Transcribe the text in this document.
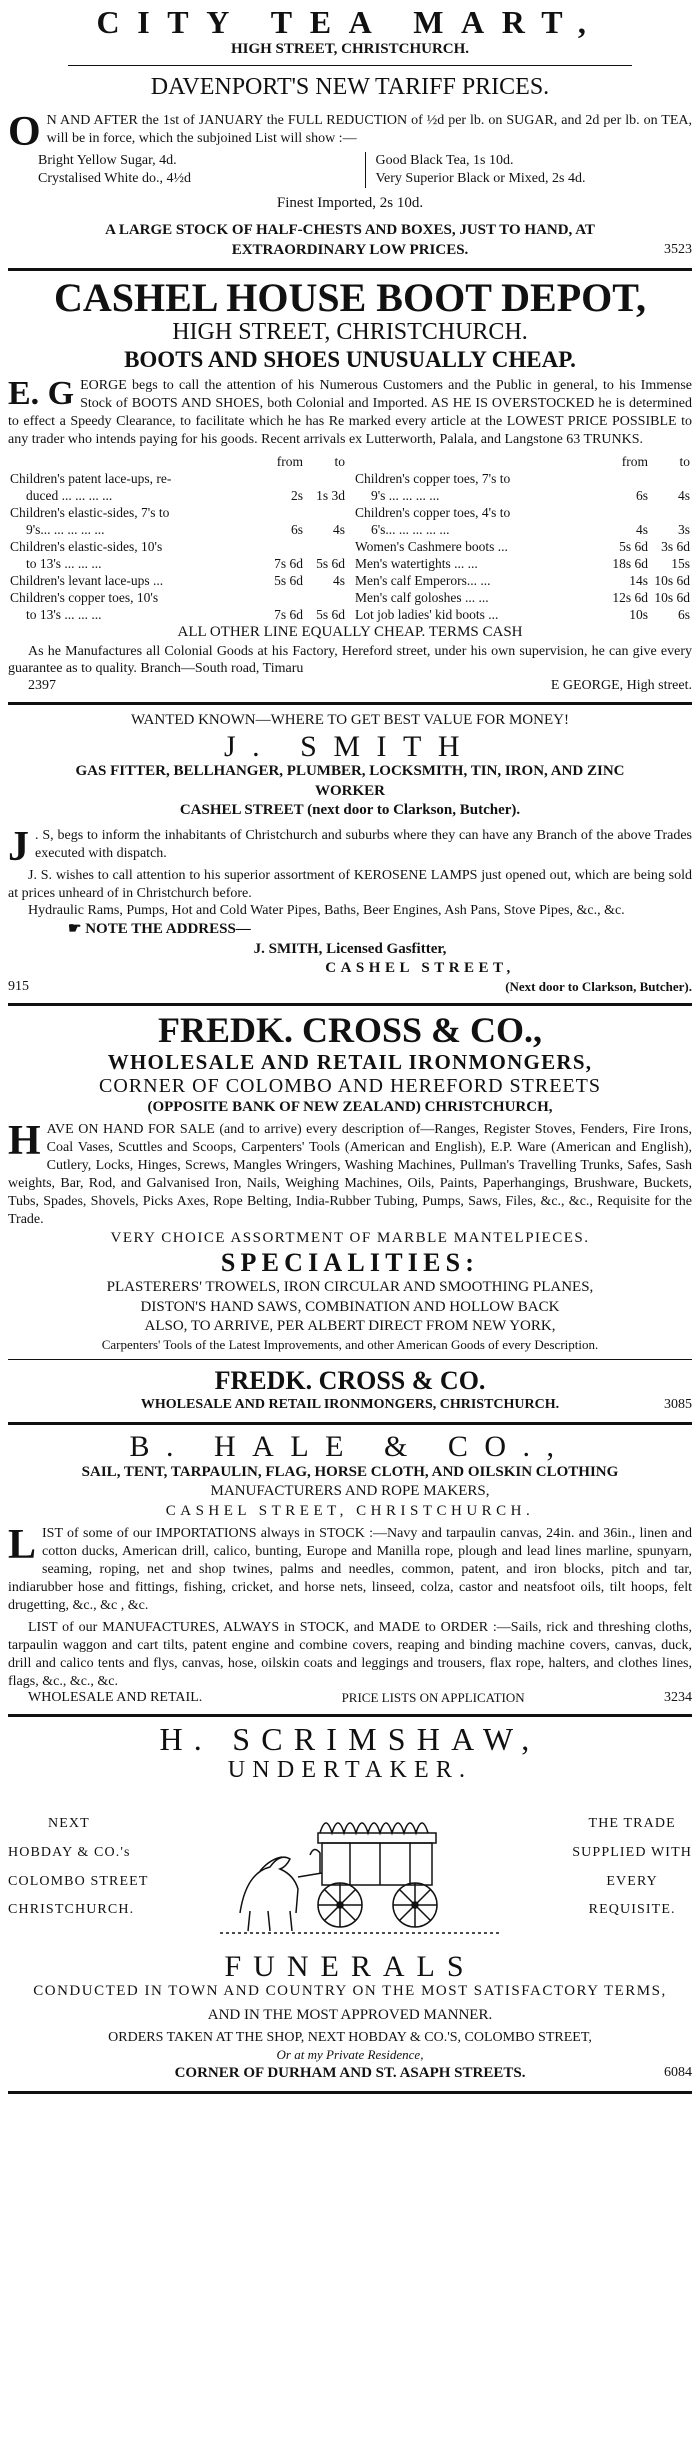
CITY TEA MART,
HIGH STREET, CHRISTCHURCH.
DAVENPORT'S NEW TARIFF PRICES.
O N AND AFTER the 1st of JANUARY the FULL REDUCTION of ½d per lb. on SUGAR, and 2d per lb. on TEA, will be in force, which the subjoined List will show :—
Bright Yellow Sugar, 4d.
Crystalised White do., 4½d
Good Black Tea, 1s 10d.
Very Superior Black or Mixed, 2s 4d.
Finest Imported, 2s 10d.
A LARGE STOCK OF HALF-CHESTS AND BOXES, JUST TO HAND, AT
EXTRAORDINARY LOW PRICES.	3523
CASHEL HOUSE BOOT DEPOT,
HIGH STREET, CHRISTCHURCH.
BOOTS AND SHOES UNUSUALLY CHEAP.
E. G EORGE begs to call the attention of his Numerous Customers and the Public in general, to his Immense Stock of BOOTS AND SHOES, both Colonial and Imported. AS HE IS OVERSTOCKED he is determined to effect a Speedy Clearance, to facilitate which he has Re marked every article at the LOWEST PRICE POSSIBLE to any trader who intends paying for his goods. Recent arrivals ex Lutterworth, Palala, and Langstone 63 TRUNKS.
	from	to
Children's patent lace-ups, re-		
duced ... ... ... ...	2s	1s 3d
Children's elastic-sides, 7's to		
9's... ... ... ... ...	6s	4s
Children's elastic-sides, 10's		
to 13's ... ... ...	7s 6d	5s 6d
Children's levant lace-ups ...	5s 6d	4s
Children's copper toes, 10's		
to 13's ... ... ...	7s 6d	5s 6d
	from	to
Children's copper toes, 7's to		
9's ... ... ... ...	6s	4s
Children's copper toes, 4's to		
6's... ... ... ... ...	4s	3s
Women's Cashmere boots ...	5s 6d	3s 6d
Men's watertights ... ...	18s 6d	15s
Men's calf Emperors... ...	14s	10s 6d
Men's calf goloshes ... ...	12s 6d	10s 6d
Lot job ladies' kid boots ...	10s	6s
ALL OTHER LINE EQUALLY CHEAP. TERMS CASH
As he Manufactures all Colonial Goods at his Factory, Hereford street, under his own supervision, he can give every guarantee as to quality. Branch—South road, Timaru
2397	E GEORGE, High street.
WANTED KNOWN—WHERE TO GET BEST VALUE FOR MONEY!
J. SMITH
GAS FITTER, BELLHANGER, PLUMBER, LOCKSMITH, TIN, IRON, AND ZINC WORKER
CASHEL STREET (next door to Clarkson, Butcher).
J . S, begs to inform the inhabitants of Christchurch and suburbs where they can have any Branch of the above Trades executed with dispatch.
J. S. wishes to call attention to his superior assortment of KEROSENE LAMPS just opened out, which are being sold at prices unheard of in Christchurch before.
Hydraulic Rams, Pumps, Hot and Cold Water Pipes, Baths, Beer Engines, Ash Pans, Stove Pipes, &c., &c.
☛ NOTE THE ADDRESS—
J. SMITH, Licensed Gasfitter,
CASHEL STREET,
915	(Next door to Clarkson, Butcher).
FREDK. CROSS & CO.,
WHOLESALE AND RETAIL IRONMONGERS,
CORNER OF COLOMBO AND HEREFORD STREETS
(OPPOSITE BANK OF NEW ZEALAND) CHRISTCHURCH,
H AVE ON HAND FOR SALE (and to arrive) every description of—Ranges, Register Stoves, Fenders, Fire Irons, Coal Vases, Scuttles and Scoops, Carpenters' Tools (American and English), E.P. Ware (American and English), Cutlery, Locks, Hinges, Screws, Mangles Wringers, Washing Machines, Pullman's Travelling Trunks, Safes, Sash weights, Bar, Rod, and Galvanised Iron, Nails, Weighing Machines, Oils, Paints, Paperhangings, Brushware, Buckets, Tubs, Spades, Shovels, Picks Axes, Rope Belting, India-Rubber Tubing, Pumps, Saws, Files, &c., &c., Requisite for the Trade.
VERY CHOICE ASSORTMENT OF MARBLE MANTELPIECES.
SPECIALITIES:
PLASTERERS' TROWELS, IRON CIRCULAR AND SMOOTHING PLANES,
DISTON'S HAND SAWS, COMBINATION AND HOLLOW BACK
ALSO, TO ARRIVE, PER ALBERT DIRECT FROM NEW YORK,
Carpenters' Tools of the Latest Improvements, and other American Goods of every Description.
FREDK. CROSS & CO.
WHOLESALE AND RETAIL IRONMONGERS, CHRISTCHURCH.	3085
B. HALE & CO.,
SAIL, TENT, TARPAULIN, FLAG, HORSE CLOTH, AND OILSKIN CLOTHING
MANUFACTURERS AND ROPE MAKERS,
CASHEL STREET, CHRISTCHURCH.
L IST of some of our IMPORTATIONS always in STOCK :—Navy and tarpaulin canvas, 24in. and 36in., linen and cotton ducks, American drill, calico, bunting, Europe and Manilla rope, plough and lead lines marline, spunyarn, seaming, roping, net and shop twines, palms and needles, common, patent, and iron blocks, pitch and tar, indiarubber hose and fittings, fishing, cricket, and horse nets, linseed, colza, castor and neatsfoot oils, tilt hoops, felt drugetting, &c., &c , &c.
LIST of our MANUFACTURES, ALWAYS in STOCK, and MADE to ORDER :—Sails, rick and threshing cloths, tarpaulin waggon and cart tilts, patent engine and combine covers, reaping and binding machine covers, canvas, duck, drill and calico tents and flys, canvas, hose, oilskin coats and leggings and trousers, flax rope, halters, and clothes lines, flags, &c., &c., &c.
WHOLESALE AND RETAIL.	PRICE LISTS ON APPLICATION	3234
H. SCRIMSHAW,
UNDERTAKER.
NEXT
HOBDAY & CO.'s
COLOMBO STREET
CHRISTCHURCH.
THE TRADE
SUPPLIED WITH
EVERY
REQUISITE.
FUNERALS
CONDUCTED IN TOWN AND COUNTRY ON THE MOST SATISFACTORY TERMS,
AND IN THE MOST APPROVED MANNER.
ORDERS TAKEN AT THE SHOP, NEXT HOBDAY & CO.'S, COLOMBO STREET,
Or at my Private Residence,
CORNER OF DURHAM AND ST. ASAPH STREETS.	6084
